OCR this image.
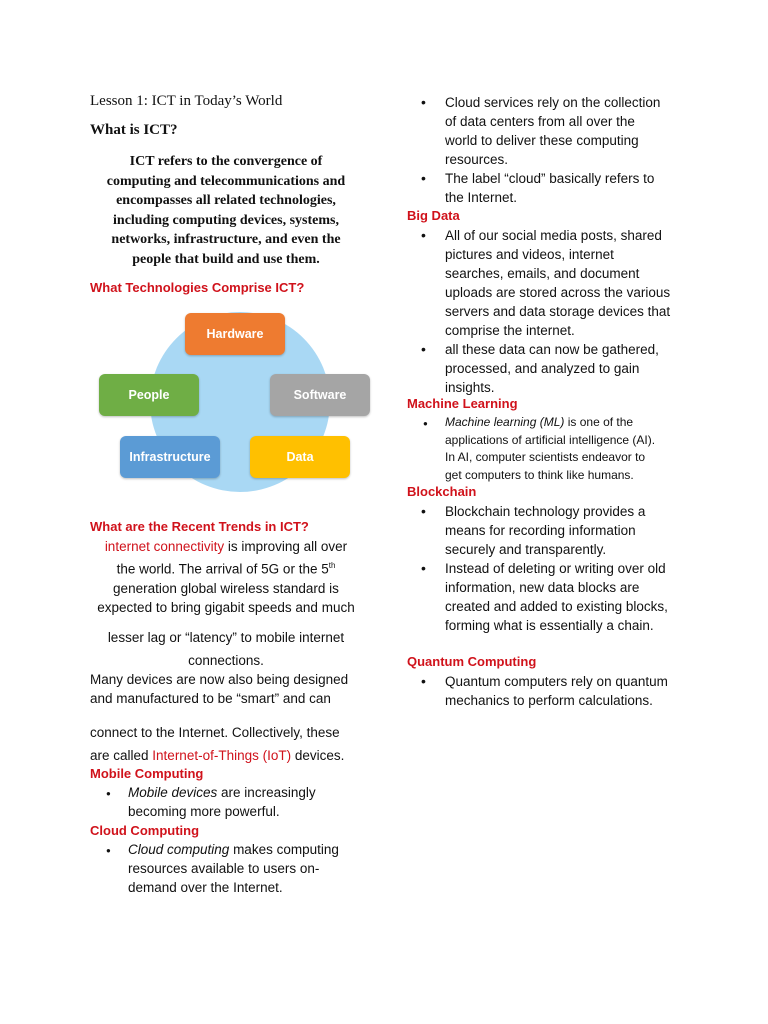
Lesson 1: ICT in Today’s World
What is ICT?
ICT refers to the convergence of
computing and telecommunications and
encompasses all related technologies,
including computing devices, systems,
networks, infrastructure, and even the
people that build and use them.
What Technologies Comprise ICT?
Hardware
People	Software
Infrastructure	Data
What are the Recent Trends in ICT?
internet connectivity is improving all over
the world. The arrival of 5G or the 5th
generation global wireless standard is
expected to bring gigabit speeds and much
lesser lag or “latency” to mobile internet
connections.
Many devices are now also being designed
and manufactured to be “smart” and can
connect to the Internet. Collectively, these
are called Internet-of-Things (IoT) devices.
Mobile Computing
● Mobile devices are increasingly
becoming more powerful.
Cloud Computing
● Cloud computing makes computing
resources available to users on-
demand over the Internet.
• Cloud services rely on the collection
of data centers from all over the
world to deliver these computing
resources.
• The label “cloud” basically refers to
the Internet.
Big Data
• All of our social media posts, shared
pictures and videos, internet
searches, emails, and document
uploads are stored across the various
servers and data storage devices that
comprise the internet.
• all these data can now be gathered,
processed, and analyzed to gain
insights.
Machine Learning
● Machine learning (ML) is one of the
applications of artificial intelligence (AI).
In AI, computer scientists endeavor to
get computers to think like humans.
Blockchain
• Blockchain technology provides a
means for recording information
securely and transparently.
• Instead of deleting or writing over old
information, new data blocks are
created and added to existing blocks,
forming what is essentially a chain.
Quantum Computing
• Quantum computers rely on quantum
mechanics to perform calculations.
